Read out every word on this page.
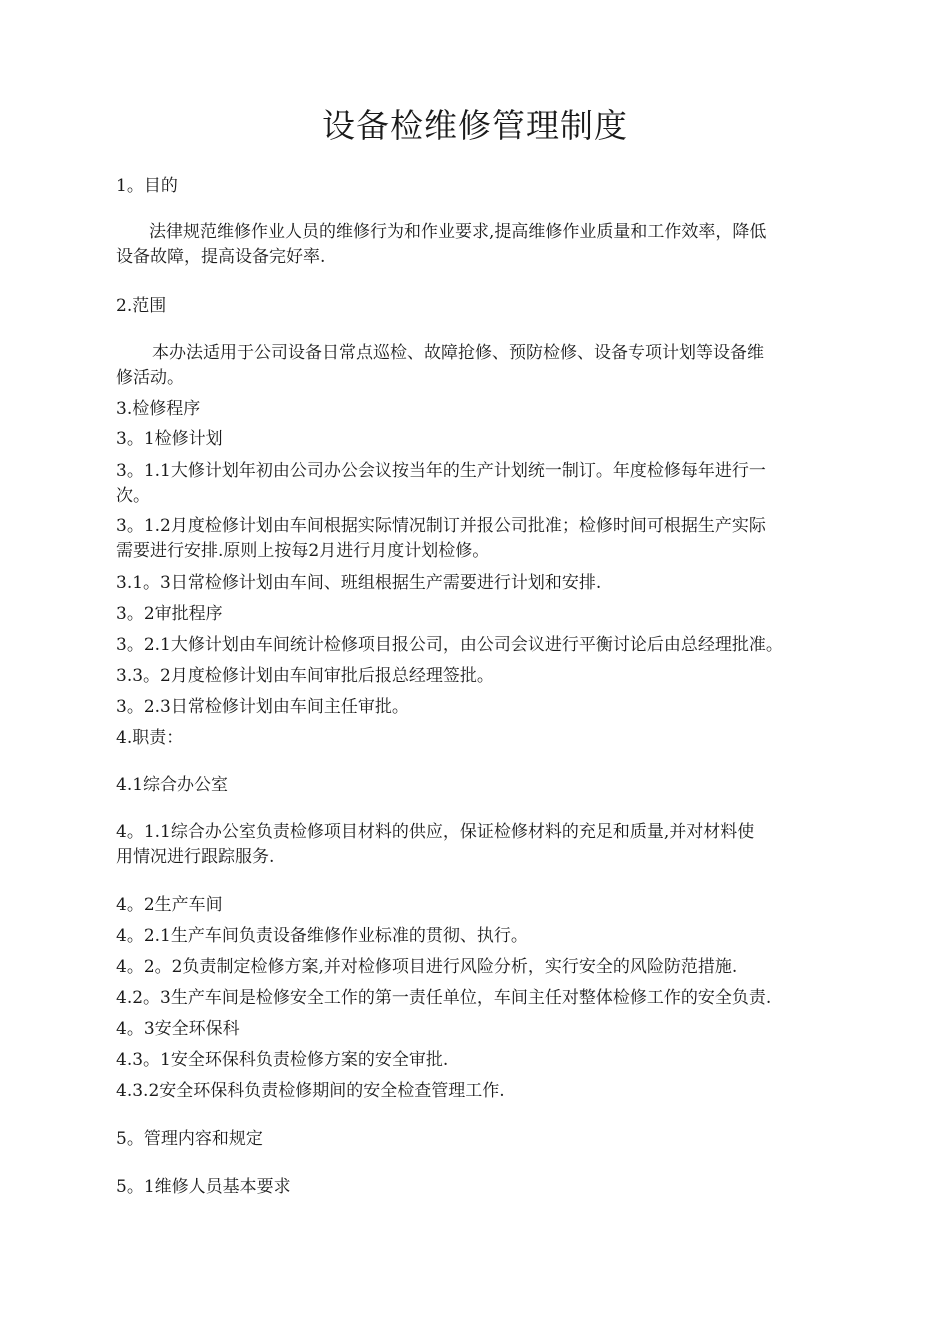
设备检维修管理制度
1。目的
法律规范维修作业人员的维修行为和作业要求,提高维修作业质量和工作效率，降低
设备故障，提高设备完好率.
2.范围
本办法适用于公司设备日常点巡检、故障抢修、预防检修、设备专项计划等设备维
修活动。
3.检修程序
3。1检修计划
3。1.1大修计划年初由公司办公会议按当年的生产计划统一制订。年度检修每年进行一
次。
3。1.2月度检修计划由车间根据实际情况制订并报公司批准；检修时间可根据生产实际
需要进行安排.原则上按每2月进行月度计划检修。
3.1。3日常检修计划由车间、班组根据生产需要进行计划和安排.
3。2审批程序
3。2.1大修计划由车间统计检修项目报公司，由公司会议进行平衡讨论后由总经理批准。
3.3。2月度检修计划由车间审批后报总经理签批。
3。2.3日常检修计划由车间主任审批。
4.职责：
4.1综合办公室
4。1.1综合办公室负责检修项目材料的供应，保证检修材料的充足和质量,并对材料使
用情况进行跟踪服务.
4。2生产车间
4。2.1生产车间负责设备维修作业标准的贯彻、执行。
4。2。2负责制定检修方案,并对检修项目进行风险分析，实行安全的风险防范措施.
4.2。3生产车间是检修安全工作的第一责任单位，车间主任对整体检修工作的安全负责.
4。3安全环保科
4.3。1安全环保科负责检修方案的安全审批.
4.3.2安全环保科负责检修期间的安全检查管理工作.
5。管理内容和规定
5。1维修人员基本要求
